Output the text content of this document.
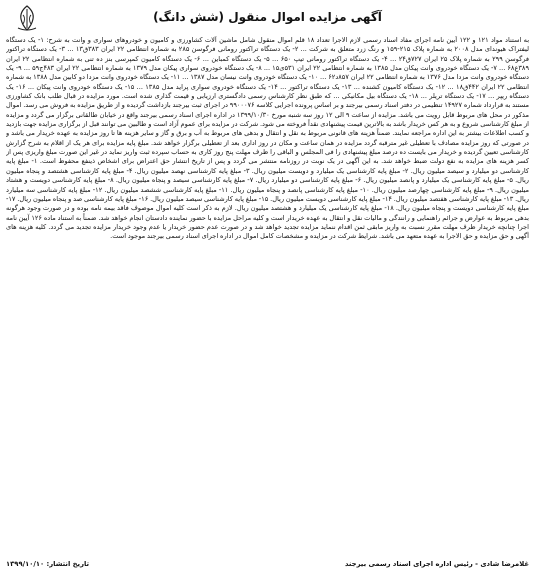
آگهی مزایده اموال منقول (شش دانگ)
به استناد مواد ۱۲۱ و ۱۲۲ آیین نامه اجرای مفاد اسناد رسمی لازم الاجرا تعداد ۱۸ قلم اموال منقول شامل ماشین آلات کشاورزی و کامیون و خودروهای سواری و وانت به شرح: ۱- یک دستگاه لیفتراک هیوندای مدل ۲۰۰۸ به شماره پلاک ۲۱۵-۱۵۹ و رنگ زرد متعلق به شرکت ... ۲- یک دستگاه تراکتور رومانی فرگوسن ۲۸۵ به شماره انتظامی ۲۲ ایران ۳۸۳ق۱۳ ... ۳- یک دستگاه تراکتور فرگوسن ۲۹۹ به شماره پلاک ۲۵ ایران ۷۲۷ق۲۴ ... ۴- یک دستگاه تراکتور رومانی تیپ ۶۵۰ ... ۵- یک دستگاه کمباین ... ۶- یک دستگاه کامیون کمپرسی بنز ده تنی به شماره انتظامی ۲۲ ایران ۳۸۹ع۶۸ ... ۷- یک دستگاه خودروی وانت پیکان مدل ۱۳۸۵ به شماره انتظامی ۲۲ ایران ۵۳۱ی۱۵ ... ۸- یک دستگاه خودروی سواری پیکان مدل ۱۳۷۹ به شماره انتظامی ۲۲ ایران ۴۸۳ج۵۹ ... ۹- یک دستگاه خودروی وانت مزدا مدل ۱۳۷۶ به شماره انتظامی ۲۲ ایران ۸۵۷د۶۲ ... ۱۰- یک دستگاه خودروی وانت نیسان مدل ۱۳۸۷ ... ۱۱- یک دستگاه خودروی وانت مزدا دو کابین مدل ۱۳۸۸ به شماره انتظامی ۲۲ ایران ۴۴۲ق۱۸ ... ۱۲- یک دستگاه کامیون کشنده ... ۱۳- یک دستگاه تراکتور ... ۱۴- یک دستگاه خودروی سواری پراید مدل ۱۳۸۵ ... ۱۵- یک دستگاه خودروی وانت پیکان ... ۱۶- یک دستگاه ریپر ... ۱۷- یک دستگاه تریلر ... ۱۸- یک دستگاه بیل مکانیکی ... که طبق نظر کارشناس رسمی دادگستری ارزیابی و قیمت گذاری شده است. مورد مزایده در قبال طلب بانک کشاورزی مستند به قرارداد شماره ۱۴۹۲۷ تنظیمی در دفتر اسناد رسمی بیرجند و بر اساس پرونده اجرایی کلاسه ۹۹۰۰۰۷۶ در اجرای ثبت بیرجند بازداشت گردیده و از طریق مزایده به فروش می رسد. اموال مذکور در محل های مربوط قابل رویت می باشد. مزایده از ساعت ۹ الی ۱۲ روز سه شنبه مورخ ۱۳۹۹/۱۰/۳۰ در اداره اجرای اسناد رسمی بیرجند واقع در خیابان طالقانی برگزار می گردد و مزایده از مبلغ کارشناسی شروع و به هر کس خریدار باشد به بالاترین قیمت پیشنهادی نقداً فروخته می شود. شرکت در مزایده برای عموم آزاد است و طالبین می توانند قبل از برگزاری مزایده جهت بازدید و کسب اطلاعات بیشتر به این اداره مراجعه نمایند. ضمناً هزینه های قانونی مربوط به نقل و انتقال و بدهی های مربوط به آب و برق و گاز و سایر هزینه ها تا روز مزایده به عهده خریدار می باشد و در صورتی که روز مزایده مصادف با تعطیلی غیر مترقبه گردد مزایده در همان ساعت و مکان در روز اداری بعد از تعطیلی برگزار خواهد شد. مبلغ پایه مزایده برای هر یک از اقلام به شرح گزارش کارشناسی تعیین گردیده و خریدار می بایست ده درصد مبلغ پیشنهادی را فی المجلس و الباقی را ظرف مهلت پنج روز کاری به حساب سپرده ثبت واریز نماید در غیر این صورت مبلغ واریزی پس از کسر هزینه های مزایده به نفع دولت ضبط خواهد شد. به این آگهی در یک نوبت در روزنامه منتشر می گردد و پس از تاریخ انتشار حق اعتراض برای اشخاص ذینفع محفوظ است. ۱- مبلغ پایه کارشناسی دو میلیارد و سیصد میلیون ریال. ۲- مبلغ پایه کارشناسی یک میلیارد و دویست میلیون ریال. ۳- مبلغ پایه کارشناسی نهصد میلیون ریال. ۴- مبلغ پایه کارشناسی هشتصد و پنجاه میلیون ریال. ۵- مبلغ پایه کارشناسی یک میلیارد و پانصد میلیون ریال. ۶- مبلغ پایه کارشناسی دو میلیارد ریال. ۷- مبلغ پایه کارشناسی سیصد و پنجاه میلیون ریال. ۸- مبلغ پایه کارشناسی دویست و هشتاد میلیون ریال. ۹- مبلغ پایه کارشناسی چهارصد میلیون ریال. ۱۰- مبلغ پایه کارشناسی پانصد و پنجاه میلیون ریال. ۱۱- مبلغ پایه کارشناسی ششصد میلیون ریال. ۱۲- مبلغ پایه کارشناسی سه میلیارد ریال. ۱۳- مبلغ پایه کارشناسی هفتصد میلیون ریال. ۱۴- مبلغ پایه کارشناسی دویست میلیون ریال. ۱۵- مبلغ پایه کارشناسی سیصد میلیون ریال. ۱۶- مبلغ پایه کارشناسی صد و پنجاه میلیون ریال. ۱۷- مبلغ پایه کارشناسی دویست و پنجاه میلیون ریال. ۱۸- مبلغ پایه کارشناسی یک میلیارد و هشتصد میلیون ریال. لازم به ذکر است کلیه اموال موصوف فاقد بیمه نامه بوده و در صورت وجود هرگونه بدهی مربوط به عوارض و جرائم راهنمایی و رانندگی و مالیات نقل و انتقال به عهده خریدار است و کلیه مراحل مزایده با حضور نماینده دادستان انجام خواهد شد. ضمناً به استناد ماده ۱۲۶ آیین نامه اجرا چنانچه خریدار ظرف مهلت مقرر نسبت به واریز مابقی ثمن اقدام ننماید مزایده تجدید خواهد شد و در صورت عدم حضور خریدار یا عدم وجود خریدار مزایده تجدید می گردد. کلیه هزینه های آگهی و حق مزایده و حق الاجرا به عهده متعهد می باشد. شرایط شرکت در مزایده و مشخصات کامل اموال در اداره اجرای اسناد رسمی بیرجند موجود است.
غلامرضا شادی - رئیس اداره اجرای اسناد رسمی بیرجند
تاریخ انتشار: ۱۳۹۹/۱۰/۱۰
